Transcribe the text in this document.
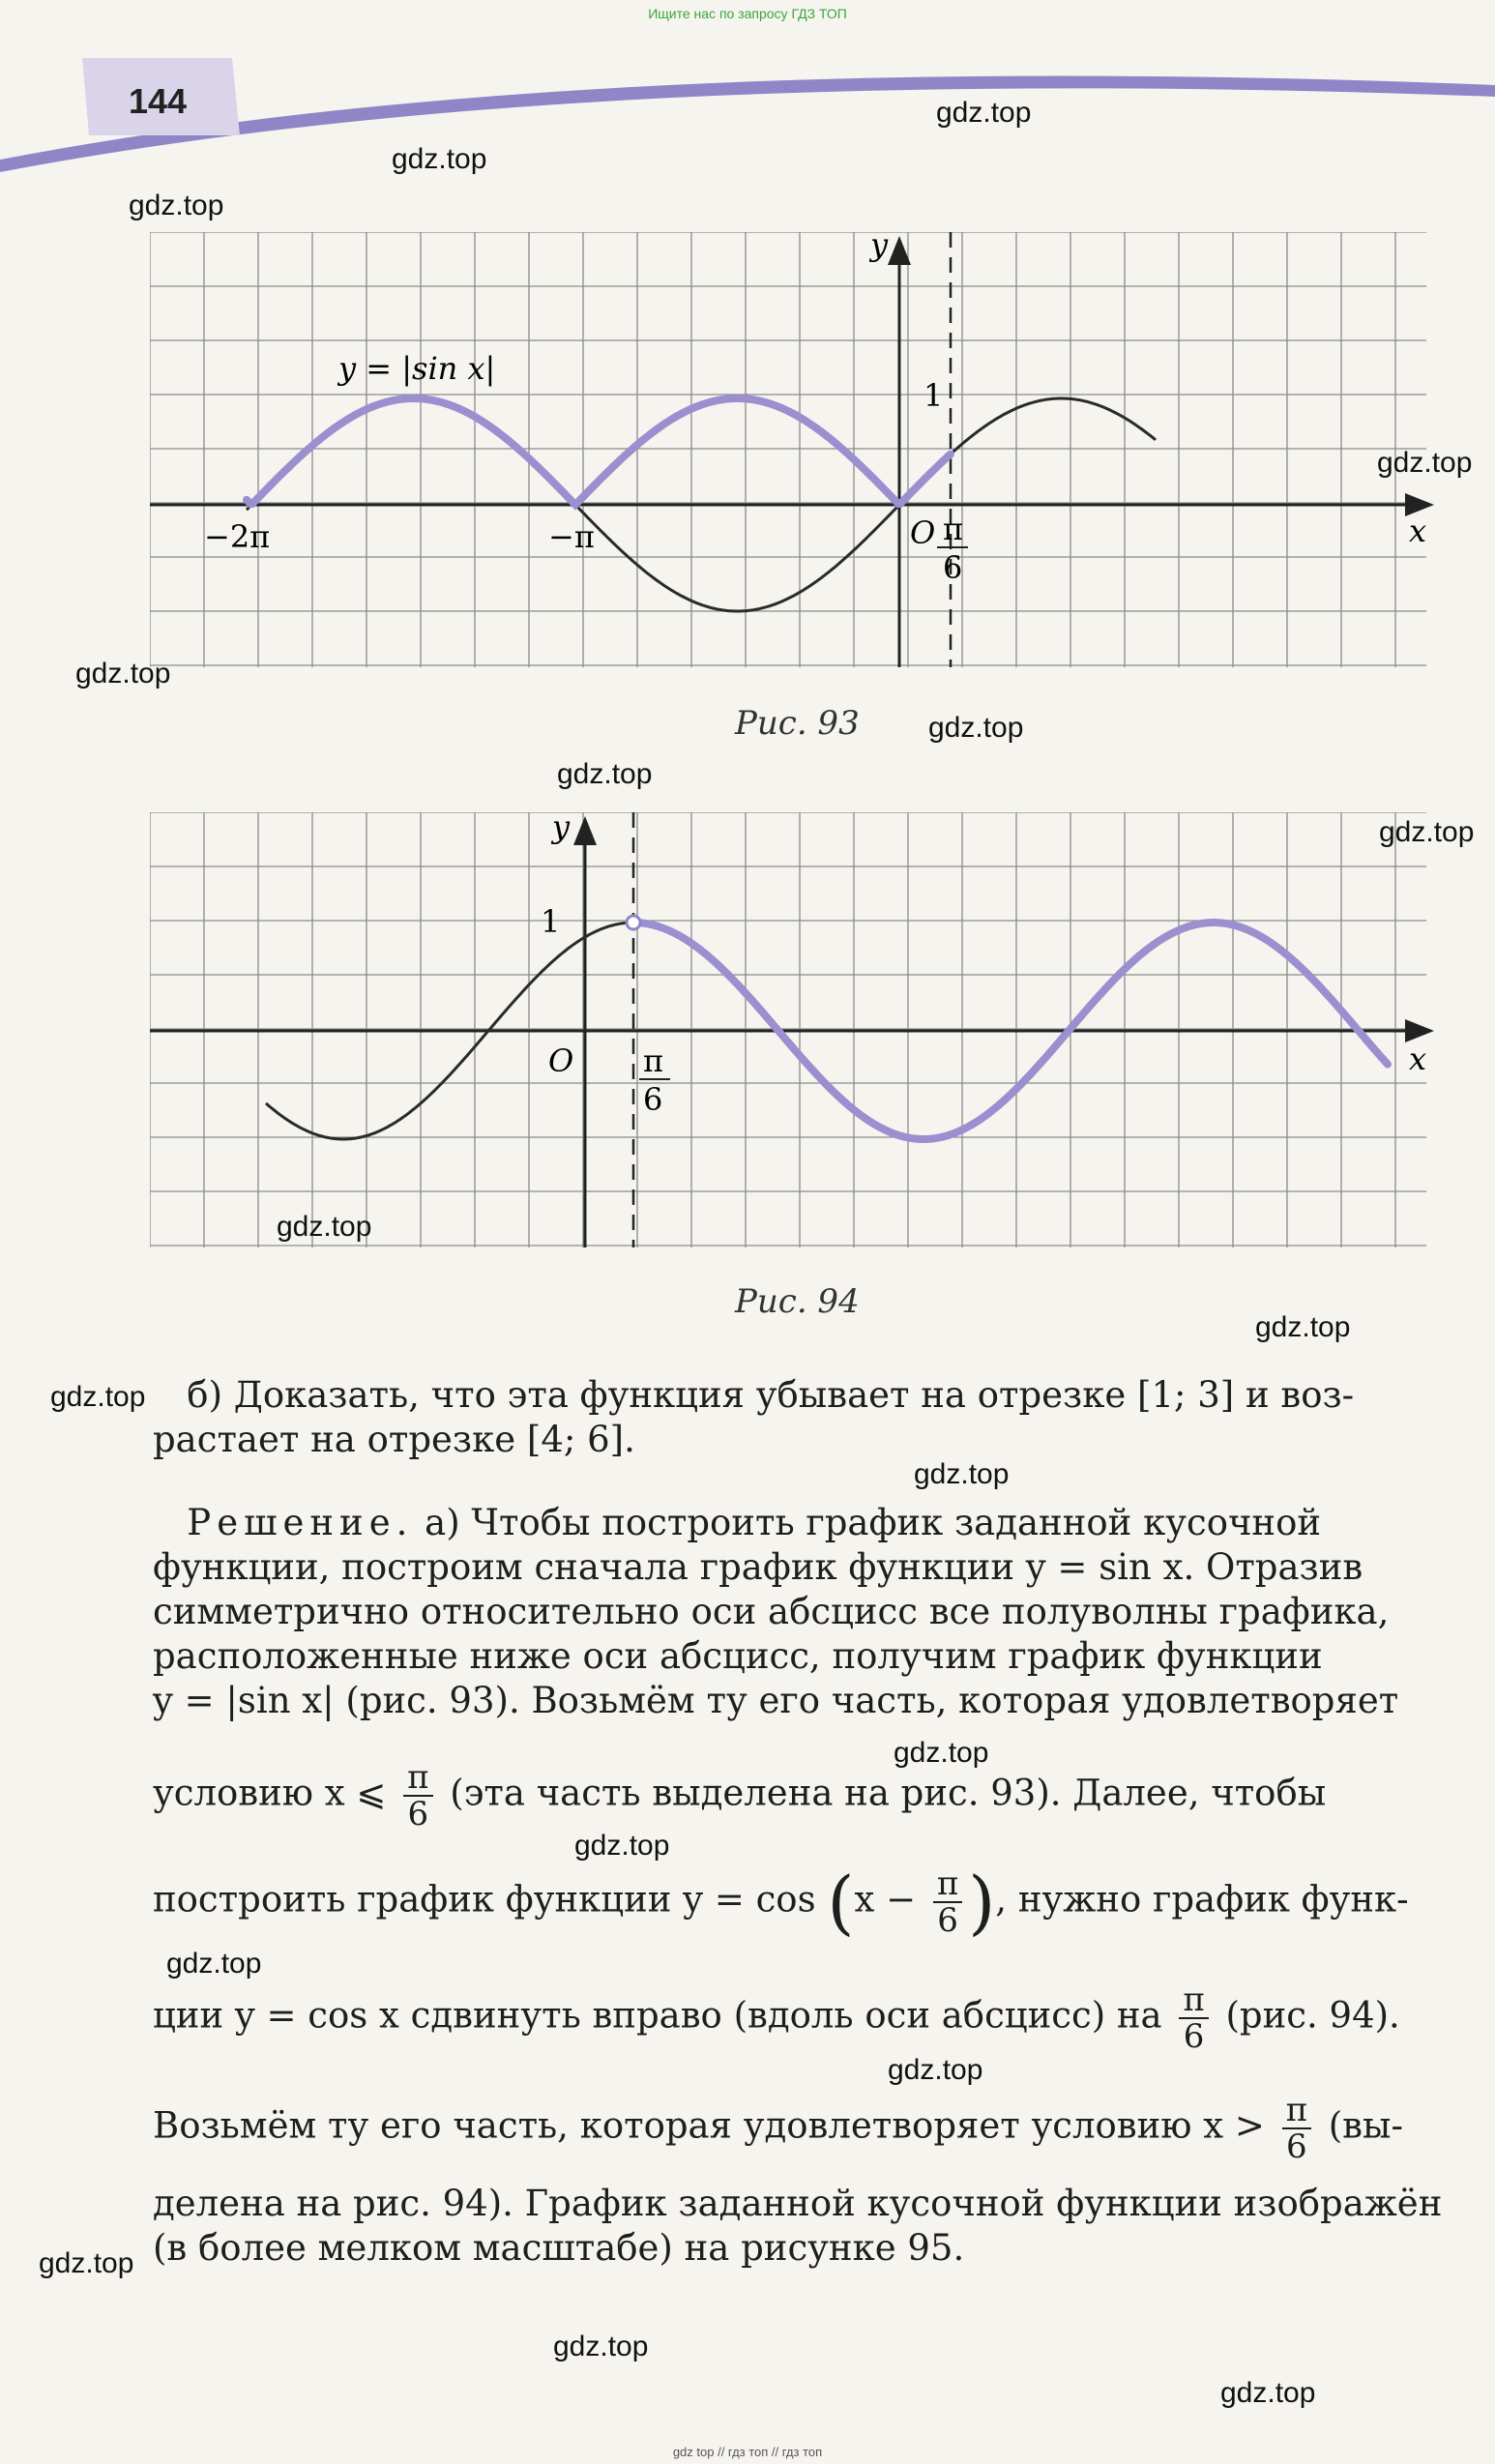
Ищите нас по запросу ГДЗ ТОП
144
y = |sin x|
y
x
O
1
−2π	−π	π
6
Рис. 93
y
x
O
1
π
6
Рис. 94
б) Доказать, что эта функция убывает на отрезке [1; 3] и воз-
растает на отрезке [4; 6].
Решение. а) Чтобы построить график заданной кусочной
функции, построим сначала график функции y = sin x. Отразив
симметрично относительно оси абсцисс все полуволны графика,
расположенные ниже оси абсцисс, получим график функции
y = |sin x| (рис. 93). Возьмём ту его часть, которая удовлетворяет
условию x ⩽ $\frac{\pi}{6} (эта$ часть выделена на рис. 93). Далее, чтобы
построить график функции $y = \cos (x - \frac{\pi}{6}$ ), нужно график функ-
ции y = cos x сдвинуть вправо (вдоль оси абсцисс) на $\frac{\pi}{6} (рис$. 94).
Возьмём ту его часть, которая удовлетворяет условию $x > \frac{\pi}{6} (вы-$
делена на рис. 94). График заданной кусочной функции изображён
(в более мелком масштабе) на рисунке 95.
gdz.top
gdz.top
gdz.top
gdz.top
gdz.top
gdz.top
gdz.top
gdz.top
gdz.top
gdz.top
gdz.top
gdz.top
gdz.top
gdz.top
gdz.top
gdz.top
gdz.top
gdz.top
gdz.top
gdz top // гдз топ // гдз топ
